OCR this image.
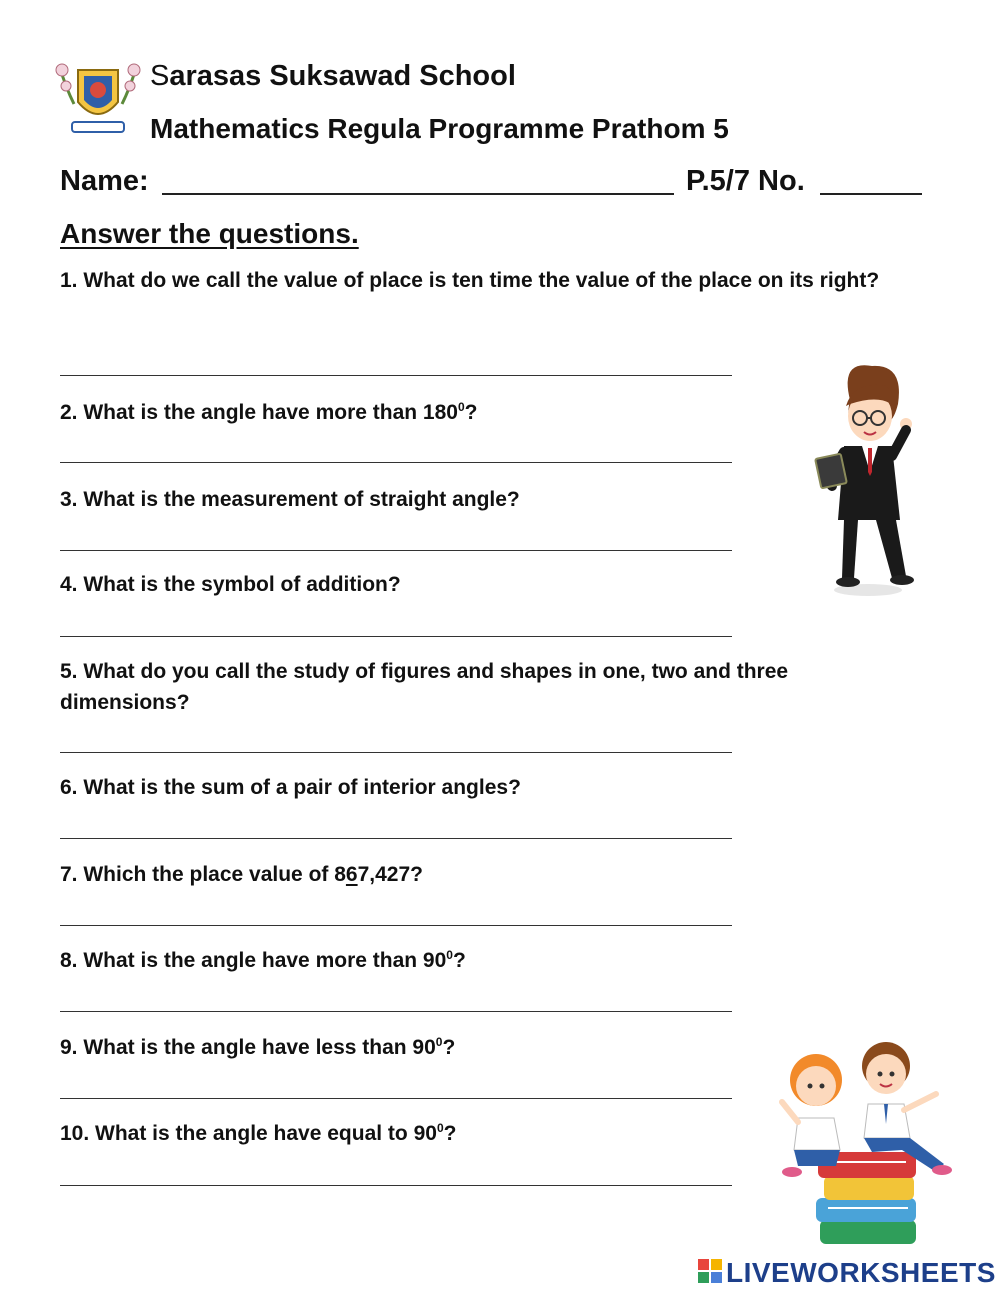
Sarasas Suksawad School
Mathematics Regula Programme Prathom 5
Name:	P.5/7 No.
Answer the questions.
1. What do we call the value of place is ten time the value of the place on its right?
2. What is the angle have more than $180^0$?
3. What is the measurement of straight angle?
4. What is the symbol of addition?
5. What do you call the study of figures and shapes in one, two and three dimensions?
6. What is the sum of a pair of interior angles?
7. Which the place value of 867,427?
8. What is the angle have more than $90^0$?
9. What is the angle have less than $90^0$?
10. What is the angle have equal to $90^0$?
LIVEWORKSHEETS
